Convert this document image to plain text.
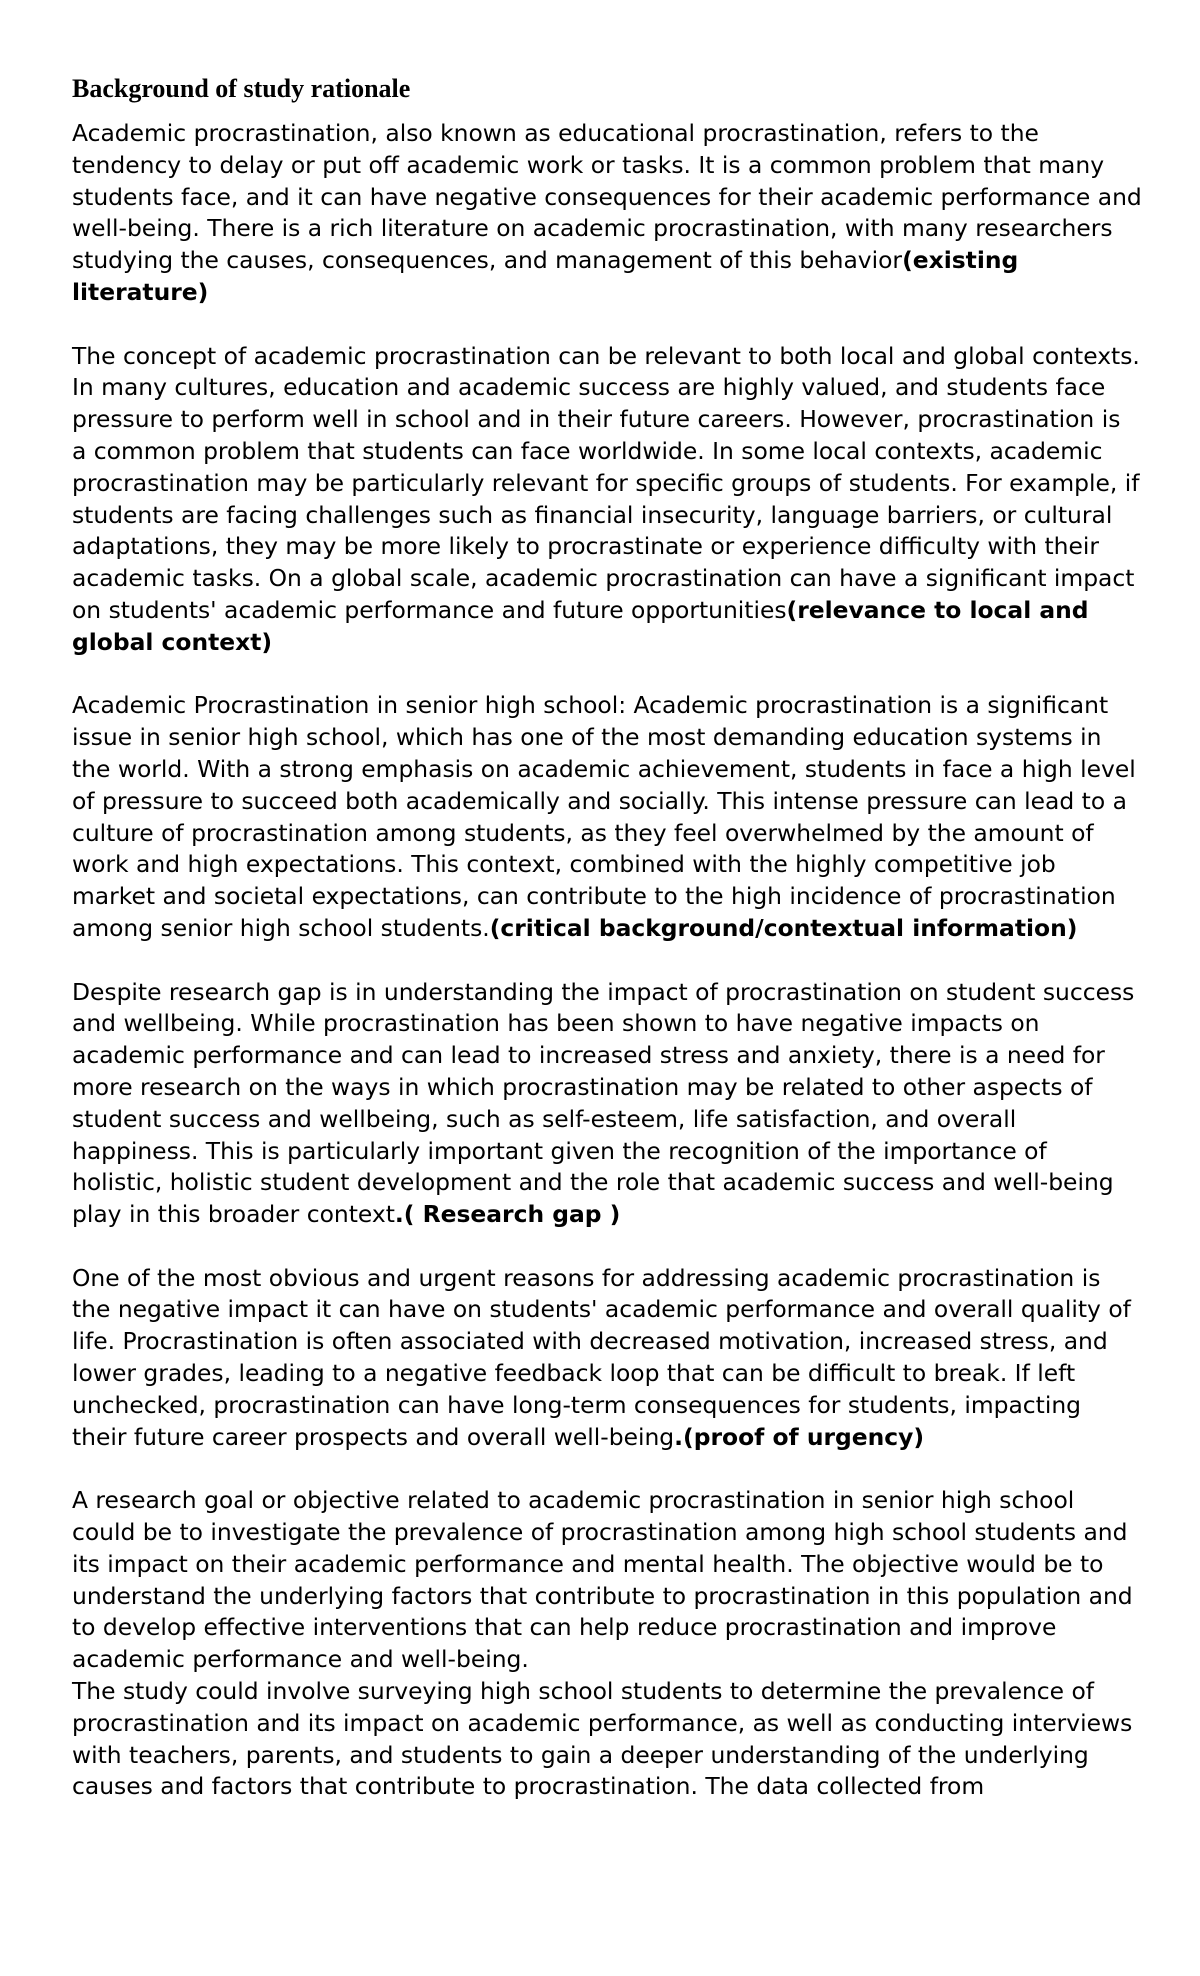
Background of study rationale
Academic procrastination, also known as educational procrastination, refers to the tendency to delay or put off academic work or tasks. It is a common problem that many students face, and it can have negative consequences for their academic performance and
well-being. There is a rich literature on academic procrastination, with many researchers studying the causes, consequences, and management of this behavior(existing literature)
The concept of academic procrastination can be relevant to both local and global contexts. In many cultures, education and academic success are highly valued, and students face pressure to perform well in school and in their future careers. However, procrastination is a common problem that students can face worldwide. In some local contexts, academic procrastination may be particularly relevant for specific groups of students. For example, if students are facing challenges such as financial insecurity, language barriers, or cultural adaptations, they may be more likely to procrastinate or experience difficulty with their academic tasks. On a global scale, academic procrastination can have a significant impact on students' academic performance and future opportunities(relevance to local and global context)
Academic Procrastination in senior high school: Academic procrastination is a significant issue in senior high school, which has one of the most demanding education systems in the world. With a strong emphasis on academic achievement, students in face a high level of pressure to succeed both academically and socially. This intense pressure can lead to a culture of procrastination among students, as they feel overwhelmed by the amount of work and high expectations. This context, combined with the highly competitive job market and societal expectations, can contribute to the high incidence of procrastination among senior high school students.(critical background/contextual information)
Despite research gap is in understanding the impact of procrastination on student success and wellbeing. While procrastination has been shown to have negative impacts on academic performance and can lead to increased stress and anxiety, there is a need for more research on the ways in which procrastination may be related to other aspects of student success and wellbeing, such as self-esteem, life satisfaction, and overall happiness. This is particularly important given the recognition of the importance of holistic, holistic student development and the role that academic success and well-being play in this broader context.( Research gap )
One of the most obvious and urgent reasons for addressing academic procrastination is the negative impact it can have on students' academic performance and overall quality of life. Procrastination is often associated with decreased motivation, increased stress, and lower grades, leading to a negative feedback loop that can be difficult to break. If left unchecked, procrastination can have long-term consequences for students, impacting their future career prospects and overall well-being.(proof of urgency)
A research goal or objective related to academic procrastination in senior high school could be to investigate the prevalence of procrastination among high school students and its impact on their academic performance and mental health. The objective would be to understand the underlying factors that contribute to procrastination in this population and to develop effective interventions that can help reduce procrastination and improve academic performance and well-being.
The study could involve surveying high school students to determine the prevalence of procrastination and its impact on academic performance, as well as conducting interviews with teachers, parents, and students to gain a deeper understanding of the underlying causes and factors that contribute to procrastination. The data collected from
